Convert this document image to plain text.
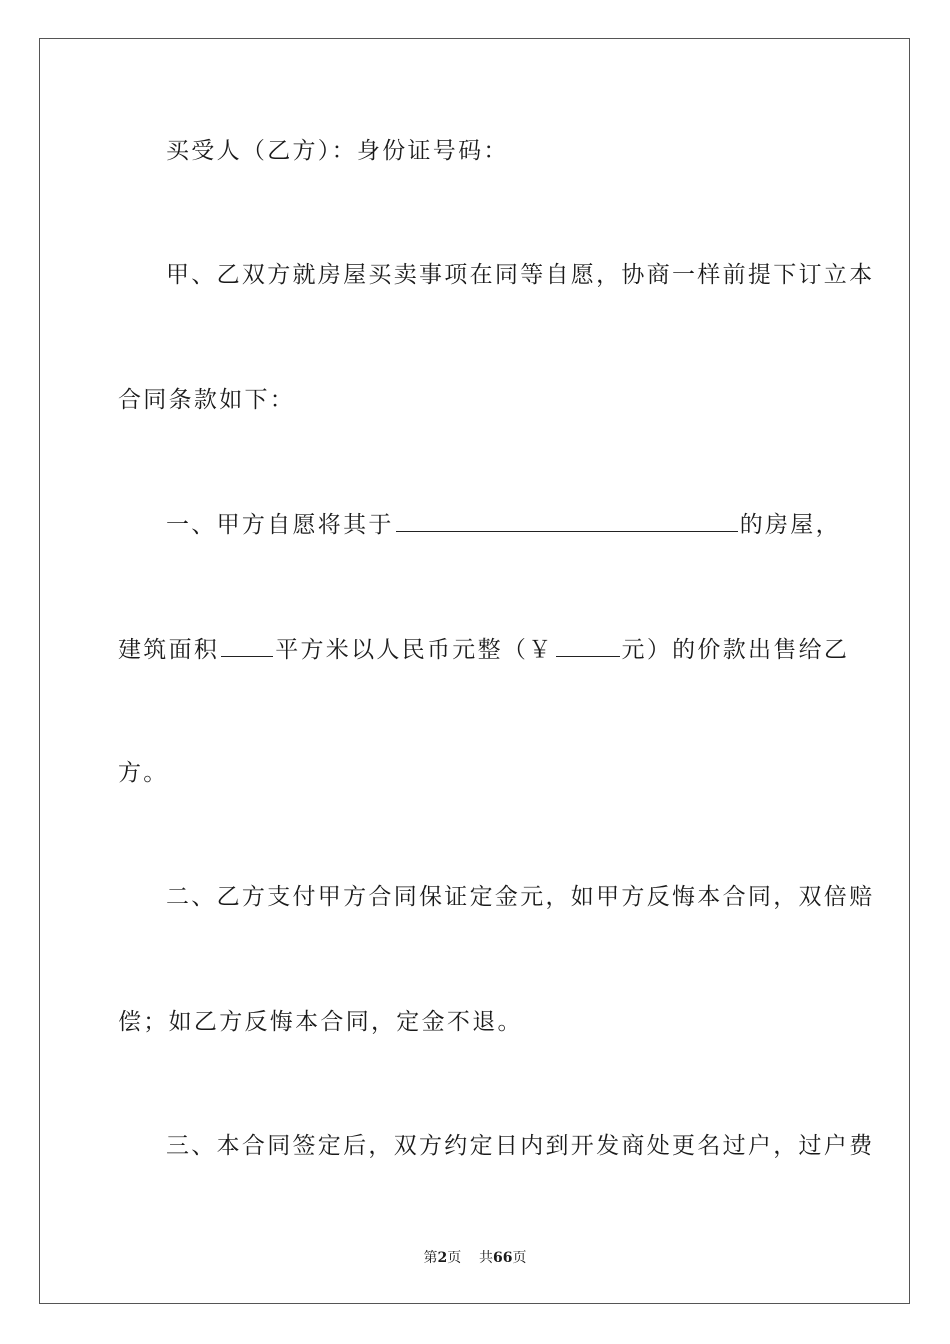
买受人（乙方）：身份证号码：
甲、乙双方就房屋买卖事项在同等自愿，协商一样前提下订立本
合同条款如下：
一、甲方自愿将其于	的房屋，
建筑面积 平方米以人民币元整（￥	元）的价款出售给乙
方。
二、乙方支付甲方合同保证定金元，如甲方反悔本合同，双倍赔
偿；如乙方反悔本合同，定金不退。
三、本合同签定后，双方约定日内到开发商处更名过户，过户费
第2页 共66页
